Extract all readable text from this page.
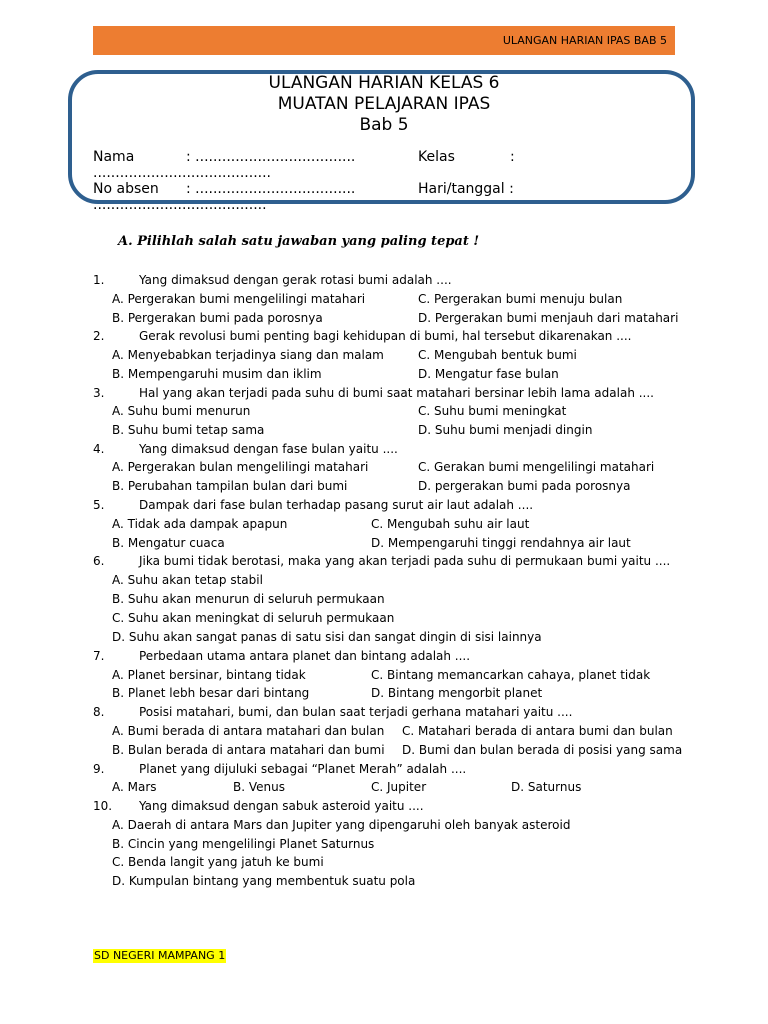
ULANGAN HARIAN IPAS BAB 5
ULANGAN HARIAN KELAS 6
MUATAN PELAJARAN IPAS
Bab 5
Nama	: ....................................	Kelas	:
........................................
No absen : ....................................	Hari/tanggal :
.......................................
A. Pilihlah salah satu jawaban yang paling tepat !
1.	Yang dimaksud dengan gerak rotasi bumi adalah ....
A. Pergerakan bumi mengelilingi matahari	C. Pergerakan bumi menuju bulan
B. Pergerakan bumi pada porosnya	D. Pergerakan bumi menjauh dari matahari
2.	Gerak revolusi bumi penting bagi kehidupan di bumi, hal tersebut dikarenakan ....
A. Menyebabkan terjadinya siang dan malam	C. Mengubah bentuk bumi
B. Mempengaruhi musim dan iklim	D. Mengatur fase bulan
3.	Hal yang akan terjadi pada suhu di bumi saat matahari bersinar lebih lama adalah ....
A. Suhu bumi menurun	C. Suhu bumi meningkat
B. Suhu bumi tetap sama	D. Suhu bumi menjadi dingin
4.	Yang dimaksud dengan fase bulan yaitu ....
A. Pergerakan bulan mengelilingi matahari	C. Gerakan bumi mengelilingi matahari
B. Perubahan tampilan bulan dari bumi	D. pergerakan bumi pada porosnya
5.	Dampak dari fase bulan terhadap pasang surut air laut adalah ....
A. Tidak ada dampak apapun	C. Mengubah suhu air laut
B. Mengatur cuaca	D. Mempengaruhi tinggi rendahnya air laut
6.	Jika bumi tidak berotasi, maka yang akan terjadi pada suhu di permukaan bumi yaitu ....
A. Suhu akan tetap stabil
B. Suhu akan menurun di seluruh permukaan
C. Suhu akan meningkat di seluruh permukaan
D. Suhu akan sangat panas di satu sisi dan sangat dingin di sisi lainnya
7.	Perbedaan utama antara planet dan bintang adalah ....
A. Planet bersinar, bintang tidak	C. Bintang memancarkan cahaya, planet tidak
B. Planet lebh besar dari bintang	D. Bintang mengorbit planet
8.	Posisi matahari, bumi, dan bulan saat terjadi gerhana matahari yaitu ....
A. Bumi berada di antara matahari dan bulan C. Matahari berada di antara bumi dan bulan
B. Bulan berada di antara matahari dan bumi D. Bumi dan bulan berada di posisi yang sama
9.	Planet yang dijuluki sebagai “Planet Merah” adalah ....
A. Mars	B. Venus	C. Jupiter	D. Saturnus
10. Yang dimaksud dengan sabuk asteroid yaitu ....
A. Daerah di antara Mars dan Jupiter yang dipengaruhi oleh banyak asteroid
B. Cincin yang mengelilingi Planet Saturnus
C. Benda langit yang jatuh ke bumi
D. Kumpulan bintang yang membentuk suatu pola
SD NEGERI MAMPANG 1
